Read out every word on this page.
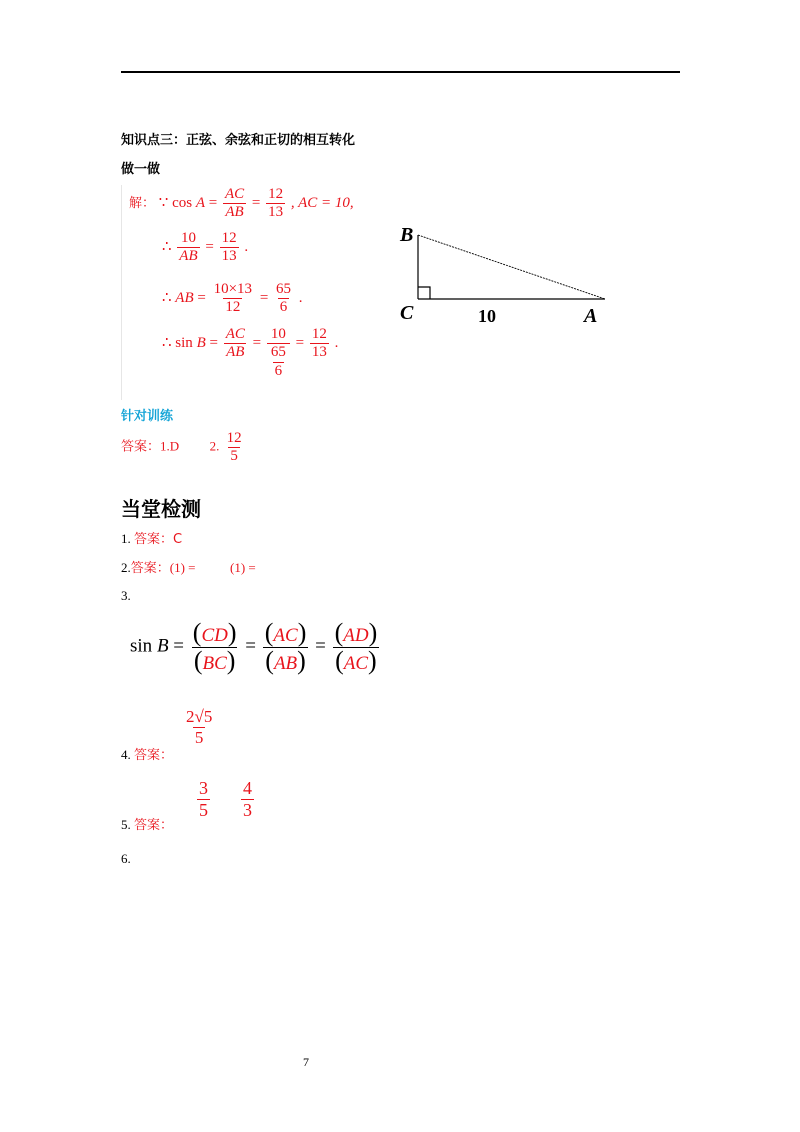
知识点三：正弦、余弦和正切的相互转化
做一做
解： ∵ $\cos A = \frac{AC}{AB} = \frac{12}{13}$ , AC = 10,
∴ $\frac{10}{AB} = \frac{12}{13}$ .
∴ AB = $\frac{10\times 13}{12} = \frac{65}{6}$ .
∴ $\sin B = \frac{AC}{AB} = \frac{10}{\frac{65}{6}} = \frac{12}{13}$ .
B
C	A
10
针对训练
答案：1.D 2. $\frac{12}{5}$
当堂检测
1. 答案：C
2.答案：(1) =	(1) =
3.
$\sin B = \frac{(CD)}{(BC)} = \frac{(AC)}{(AB)} = \frac{(AD)}{(AC)}$
$\frac{2√5}{5}$
4. 答案：
$\frac{3}{5}$
$\frac{4}{3}$
5. 答案：
6.
7
